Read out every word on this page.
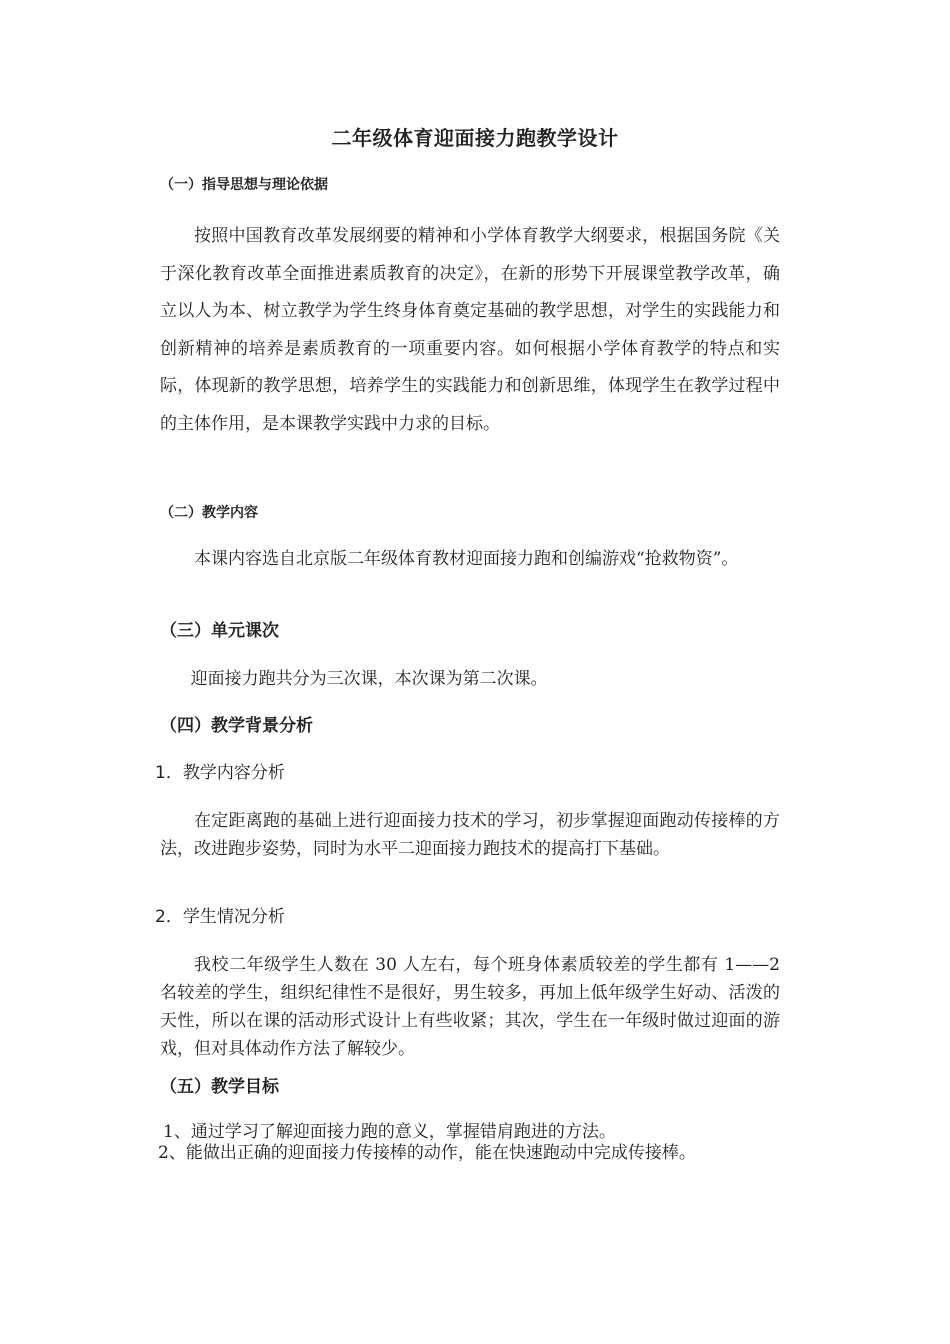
二年级体育迎面接力跑教学设计
（一）指导思想与理论依据

按照中国教育改革发展纲要的精神和小学体育教学大纲要求，根据国务院《关于深化教育改革全面推进素质教育的决定》，在新的形势下开展课堂教学改革，确立以人为本、树立教学为学生终身体育奠定基础的教学思想，对学生的实践能力和创新精神的培养是素质教育的一项重要内容。如何根据小学体育教学的特点和实际，体现新的教学思想，培养学生的实践能力和创新思维，体现学生在教学过程中的主体作用，是本课教学实践中力求的目标。

（二）教学内容

本课内容选自北京版二年级体育教材迎面接力跑和创编游戏“抢救物资”。

（三）单元课次

迎面接力跑共分为三次课，本次课为第二次课。

（四）教学背景分析
1．教学内容分析

在定距离跑的基础上进行迎面接力技术的学习，初步掌握迎面跑动传接棒的方法，改进跑步姿势，同时为水平二迎面接力跑技术的提高打下基础。

2．学生情况分析

我校二年级学生人数在 30 人左右，每个班身体素质较差的学生都有 1——2 名较差的学生，组织纪律性不是很好，男生较多，再加上低年级学生好动、活泼的天性，所以在课的活动形式设计上有些收紧；其次，学生在一年级时做过迎面的游戏，但对具体动作方法了解较少。

（五）教学目标
1、通过学习了解迎面接力跑的意义，掌握错肩跑进的方法。
2、能做出正确的迎面接力传接棒的动作，能在快速跑动中完成传接棒。
